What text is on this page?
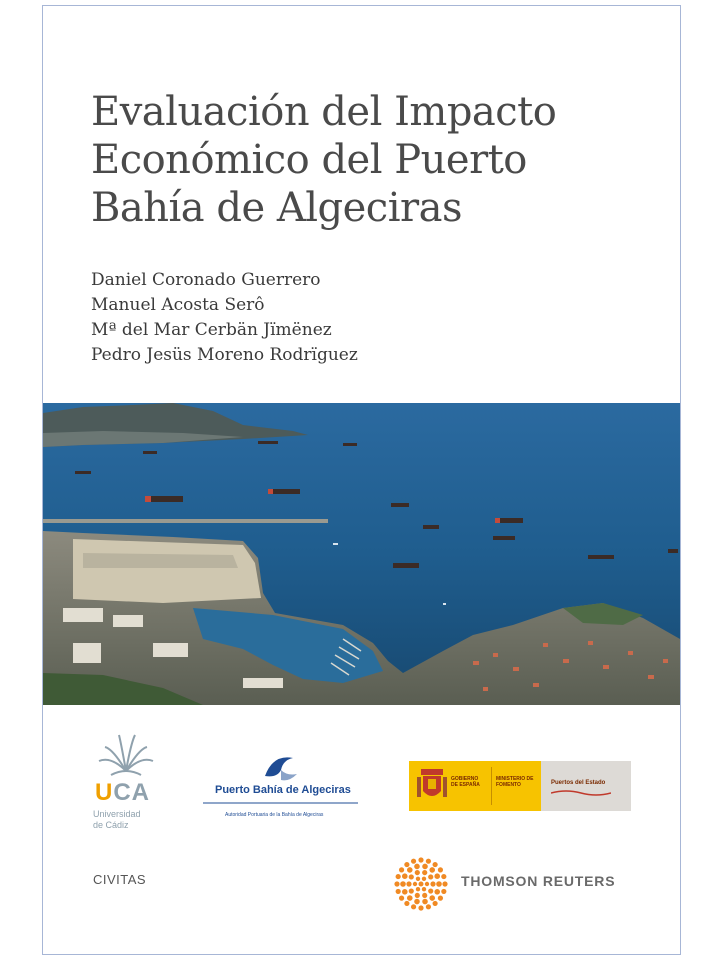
Evaluación del Impacto
Económico del Puerto
Bahía de Algeciras
Daniel Coronado Guerrero
Manuel Acosta Serô
Mª del Mar Cerbän Jïmënez
Pedro Jesüs Moreno Rodrïguez
UCA
Universidad
de Cádiz
Puerto Bahía de Algeciras
Autoridad Portuaria de la Bahía de Algeciras
GOBIERNO DE ESPAÑA
MINISTERIO DE FOMENTO	Puertos del Estado
CIVITAS	THOMSON REUTERS
